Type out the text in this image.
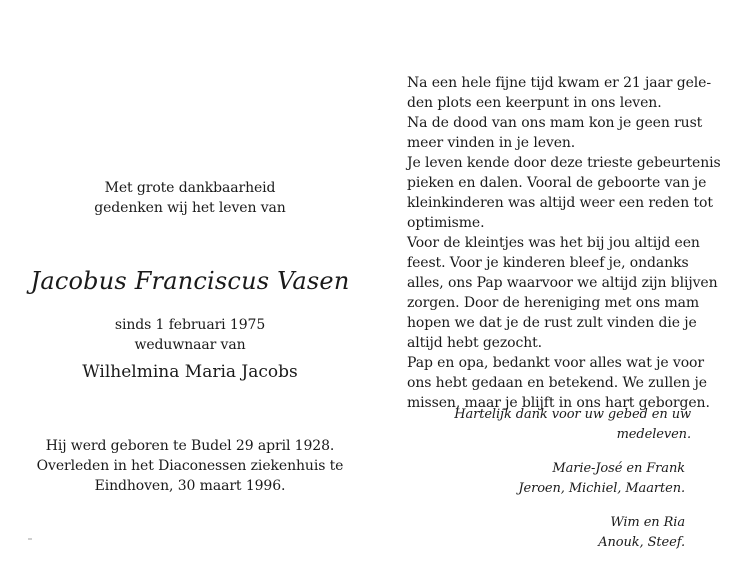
Met grote dankbaarheid
gedenken wij het leven van
Jacobus Franciscus Vasen
sinds 1 februari 1975
weduwnaar van
Wilhelmina Maria Jacobs
Hij werd geboren te Budel 29 april 1928.
Overleden in het Diaconessen ziekenhuis te
Eindhoven, 30 maart 1996.
Na een hele fijne tijd kwam er 21 jaar gele-
den plots een keerpunt in ons leven.
Na de dood van ons mam kon je geen rust
meer vinden in je leven.
Je leven kende door deze trieste gebeurtenis
pieken en dalen. Vooral de geboorte van je
kleinkinderen was altijd weer een reden tot
optimisme.
Voor de kleintjes was het bij jou altijd een
feest. Voor je kinderen bleef je, ondanks
alles, ons Pap waarvoor we altijd zijn blijven
zorgen. Door de hereniging met ons mam
hopen we dat je de rust zult vinden die je
altijd hebt gezocht.
Pap en opa, bedankt voor alles wat je voor
ons hebt gedaan en betekend. We zullen je
missen, maar je blijft in ons hart geborgen.
Hartelijk dank voor uw gebed en uw
medeleven.
Marie-José en Frank
Jeroen, Michiel, Maarten.
Wim en Ria
Anouk, Steef.
